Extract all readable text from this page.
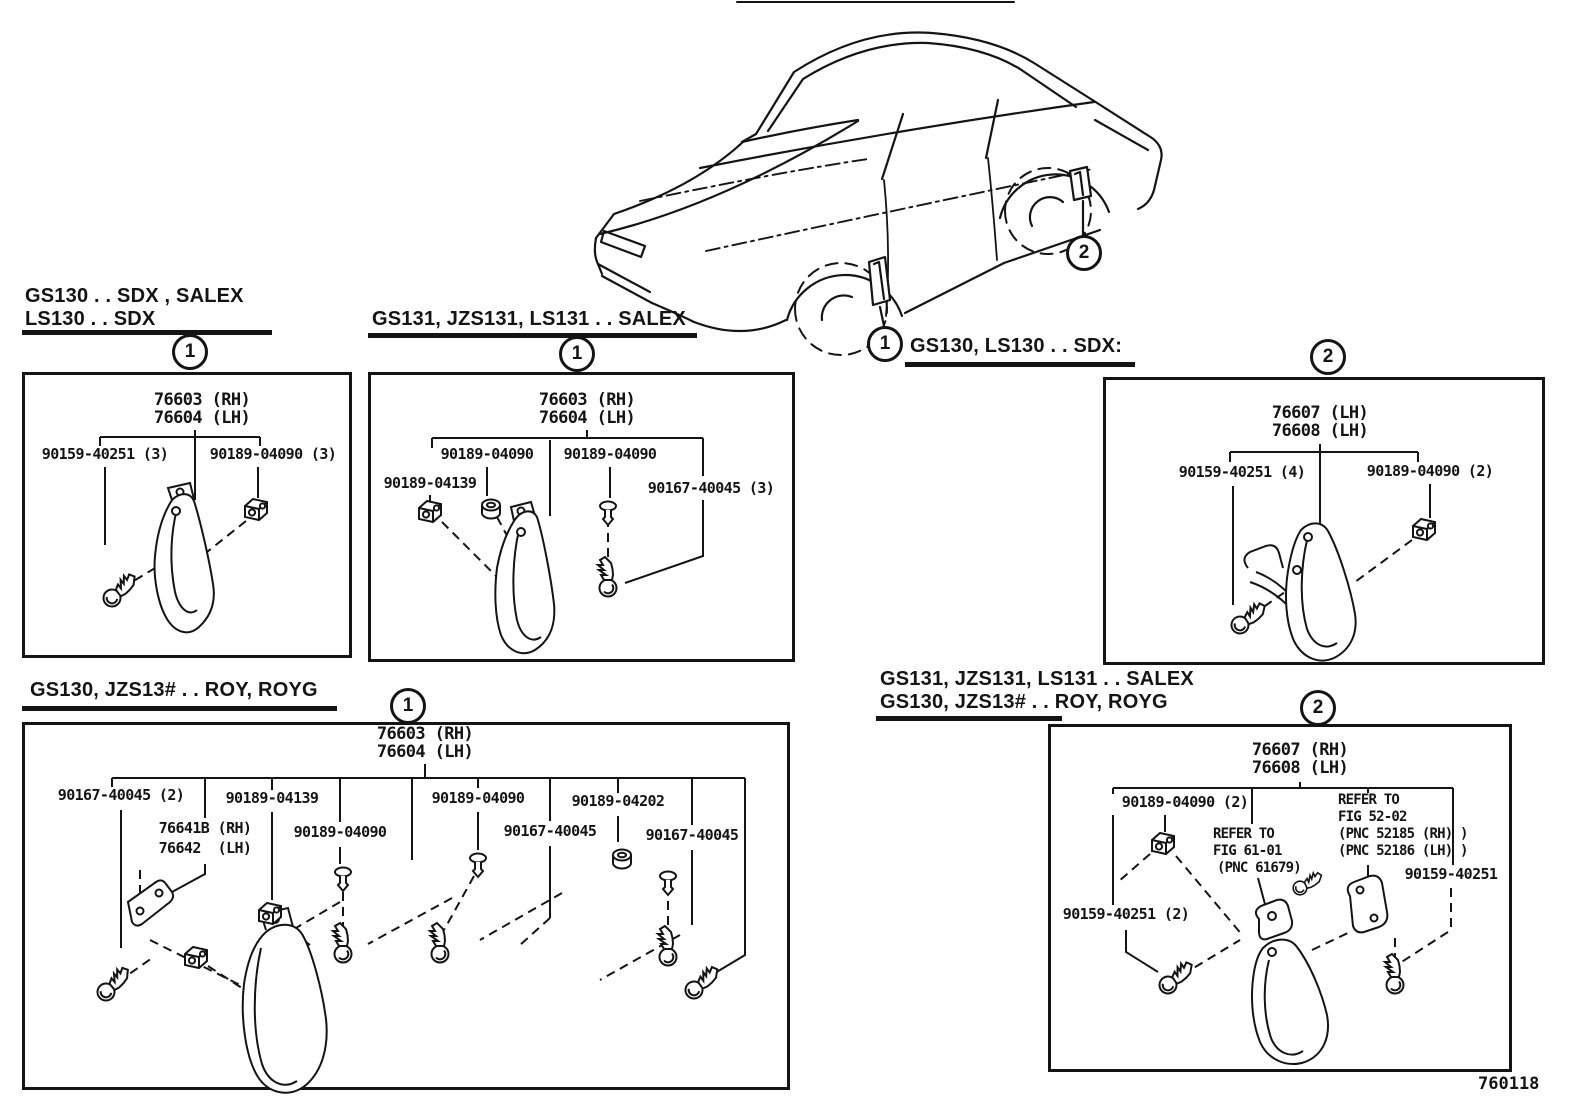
GS130 . . SDX , SALEX
LS130 . . SDX	GS131, JZS131, LS131 . . SALEX
GS130, LS130 . . SDX:
GS130, JZS13# . . ROY, ROYG	GS131, JZS131, LS131 . . SALEX
GS130, JZS13# . . ROY, ROYG
1	1	2
1	2
1
2
76603 (RH)
76604 (LH)
90159-40251 (3)	90189-04090 (3)
76603 (RH)
76604 (LH)
90189-04090 90189-04090
90189-04139	90167-40045 (3)
76607 (LH)
76608 (LH)
90159-40251 (4)	90189-04090 (2)
76603 (RH)
76604 (LH)
90167-40045 (2)	90189-04139	90189-04090	90189-04202
76641B (RH)
76642  (LH)
90189-04090	90167-40045	90167-40045
76607 (RH)
76608 (LH)
90189-04090 (2)
REFER TO
FIG 61-01
(PNC 61679)
REFER TO
FIG 52-02
(PNC 52185 (RH) )
(PNC 52186 (LH) )
90159-40251
90159-40251 (2)
760118
